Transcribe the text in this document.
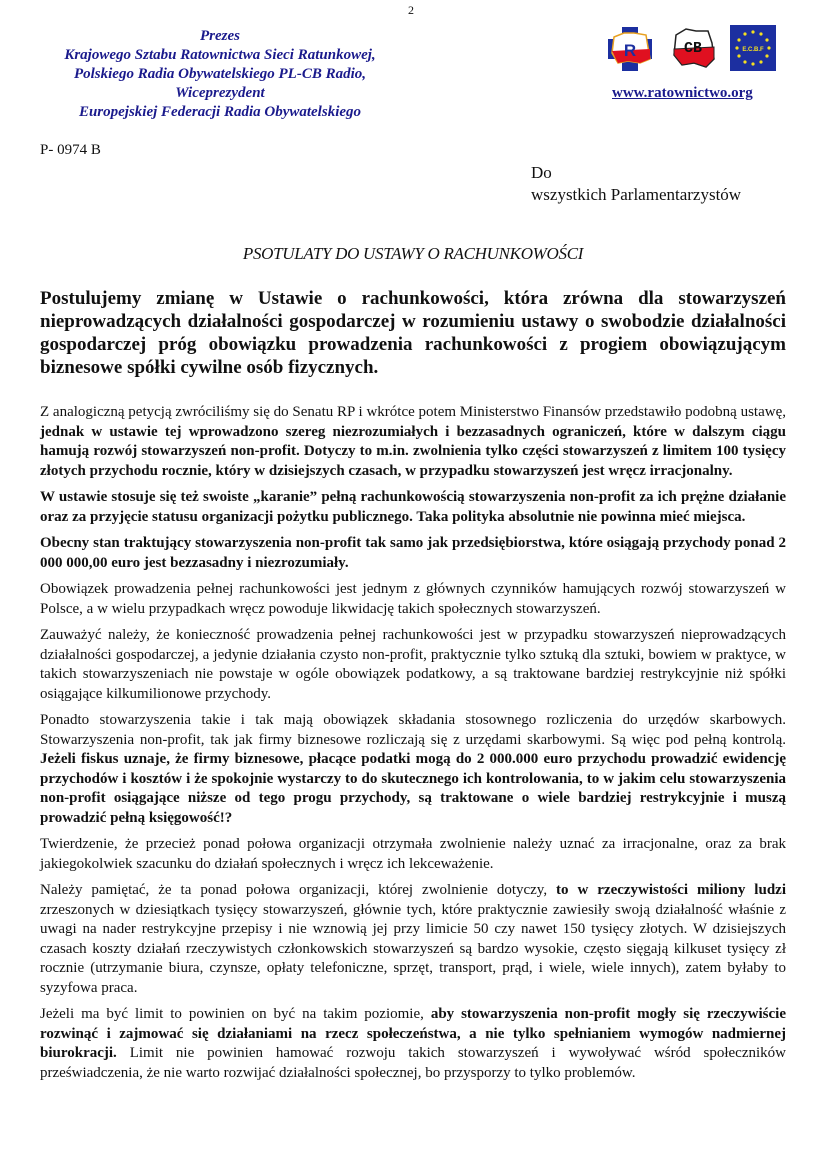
2
Prezes
Krajowego Sztabu Ratownictwa Sieci Ratunkowej,
Polskiego Radia Obywatelskiego PL-CB Radio,
Wiceprezydent
Europejskiej Federacji Radia Obywatelskiego
R	CB	E.C.B.F
www.ratownictwo.org
P- 0974 B
Do
wszystkich Parlamentarzystów
PSOTULATY DO USTAWY O RACHUNKOWOŚCI
Postulujemy zmianę w Ustawie o rachunkowości, która zrówna dla stowarzyszeń nieprowadzących działalności gospodarczej w rozumieniu ustawy o swobodzie działalności gospodarczej próg obowiązku prowadzenia rachunkowości z progiem obowiązującym biznesowe spółki cywilne osób fizycznych.

Z analogiczną petycją zwróciliśmy się do Senatu RP i wkrótce potem Ministerstwo Finansów przedstawiło podobną ustawę, jednak w ustawie tej wprowadzono szereg niezrozumiałych i bezzasadnych ograniczeń, które w dalszym ciągu hamują rozwój stowarzyszeń non-profit. Dotyczy to m.in. zwolnienia tylko części stowarzyszeń z limitem 100 tysięcy złotych przychodu rocznie, który w dzisiejszych czasach, w przypadku stowarzyszeń jest wręcz irracjonalny.

W ustawie stosuje się też swoiste „karanie” pełną rachunkowością stowarzyszenia non-profit za ich prężne działanie oraz za przyjęcie statusu organizacji pożytku publicznego. Taka polityka absolutnie nie powinna mieć miejsca.

Obecny stan traktujący stowarzyszenia non-profit tak samo jak przedsiębiorstwa, które osiągają przychody ponad 2 000 000,00 euro jest bezzasadny i niezrozumiały.

Obowiązek prowadzenia pełnej rachunkowości jest jednym z głównych czynników hamujących rozwój stowarzyszeń w Polsce, a w wielu przypadkach wręcz powoduje likwidację takich społecznych stowarzyszeń.

Zauważyć należy, że konieczność prowadzenia pełnej rachunkowości jest w przypadku stowarzyszeń nieprowadzących działalności gospodarczej, a jedynie działania czysto non-profit, praktycznie tylko sztuką dla sztuki, bowiem w praktyce, w takich stowarzyszeniach nie powstaje w ogóle obowiązek podatkowy, a są traktowane bardziej restrykcyjnie niż spółki osiągające kilkumilionowe przychody.

Ponadto stowarzyszenia takie i tak mają obowiązek składania stosownego rozliczenia do urzędów skarbowych. Stowarzyszenia non-profit, tak jak firmy biznesowe rozliczają się z urzędami skarbowymi. Są więc pod pełną kontrolą. Jeżeli fiskus uznaje, że firmy biznesowe, płacące podatki mogą do 2 000.000 euro przychodu prowadzić ewidencję przychodów i kosztów i że spokojnie wystarczy to do skutecznego ich kontrolowania, to w jakim celu stowarzyszenia non-profit osiągające niższe od tego progu przychody, są traktowane o wiele bardziej restrykcyjnie i muszą prowadzić pełną księgowość!?

Twierdzenie, że przecież ponad połowa organizacji otrzymała zwolnienie należy uznać za irracjonalne, oraz za brak jakiegokolwiek szacunku do działań społecznych i wręcz ich lekceważenie.

Należy pamiętać, że ta ponad połowa organizacji, której zwolnienie dotyczy, to w rzeczywistości miliony ludzi zrzeszonych w dziesiątkach tysięcy stowarzyszeń, głównie tych, które praktycznie zawiesiły swoją działalność właśnie z uwagi na nader restrykcyjne przepisy i nie wznowią jej przy limicie 50 czy nawet 150 tysięcy złotych. W dzisiejszych czasach koszty działań rzeczywistych członkowskich stowarzyszeń są bardzo wysokie, często sięgają kilkuset tysięcy zł rocznie (utrzymanie biura, czynsze, opłaty telefoniczne, sprzęt, transport, prąd, i wiele, wiele innych), zatem byłaby to syzyfowa praca.

Jeżeli ma być limit to powinien on być na takim poziomie, aby stowarzyszenia non-profit mogły się rzeczywiście rozwinąć i zajmować się działaniami na rzecz społeczeństwa, a nie tylko spełnianiem wymogów nadmiernej biurokracji. Limit nie powinien hamować rozwoju takich stowarzyszeń i wywoływać wśród społeczników przeświadczenia, że nie warto rozwijać działalności społecznej, bo przysporzy to tylko problemów.
